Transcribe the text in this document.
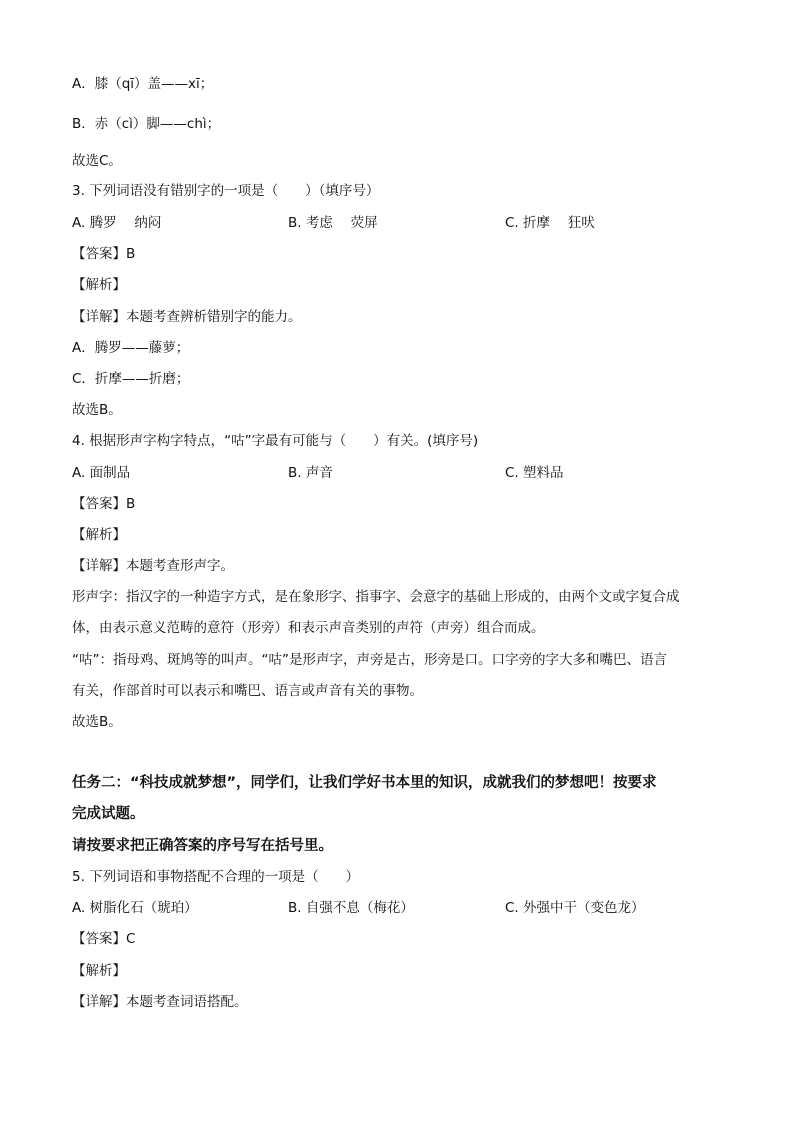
A．膝（qī）盖——xī；
B．赤（cì）脚——chì；
故选C。
3. 下列词语没有错别字的一项是（　　）（填序号）
A. 腾罗　 纳闷	B. 考虑　 荧屏	C. 折摩　 狂吠
【答案】B
【解析】
【详解】本题考查辨析错别字的能力。
A．腾罗——藤萝；
C．折摩——折磨；
故选B。
4. 根据形声字构字特点，“咕”字最有可能与（　　）有关。(填序号)
A. 面制品	B. 声音	C. 塑料品
【答案】B
【解析】
【详解】本题考查形声字。
形声字：指汉字的一种造字方式，是在象形字、指事字、会意字的基础上形成的，由两个文或字复合成
体，由表示意义范畴的意符（形旁）和表示声音类别的声符（声旁）组合而成。
“咕”：指母鸡、斑鸠等的叫声。“咕”是形声字，声旁是古，形旁是口。口字旁的字大多和嘴巴、语言
有关，作部首时可以表示和嘴巴、语言或声音有关的事物。
故选B。
任务二：“科技成就梦想”，同学们，让我们学好书本里的知识，成就我们的梦想吧！按要求
完成试题。
请按要求把正确答案的序号写在括号里。
5. 下列词语和事物搭配不合理的一项是（　　）
A. 树脂化石（琥珀）	B. 自强不息（梅花）	C. 外强中干（变色龙）
【答案】C
【解析】
【详解】本题考查词语搭配。
